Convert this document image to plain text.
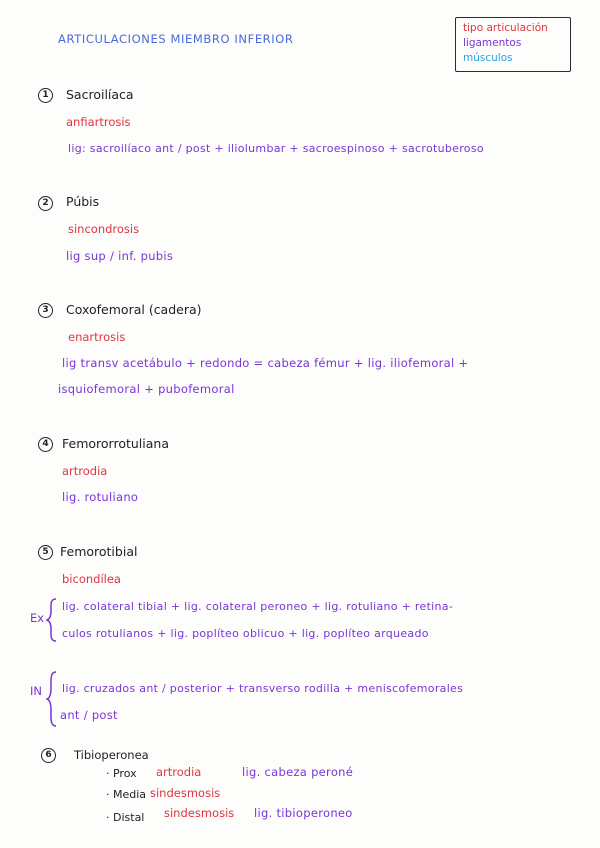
ARTICULACIONES MIEMBRO INFERIOR
tipo articulación
ligamentos
músculos
1	Sacroilíaca
anfiartrosis
lig: sacroilíaco ant / post + iliolumbar + sacroespinoso + sacrotuberoso
2	Púbis
sincondrosis
lig sup / inf. pubis
3	Coxofemoral (cadera)
enartrosis
lig transv acetábulo + redondo = cabeza fémur + lig. iliofemoral +
isquiofemoral + pubofemoral
4	Femororrotuliana
artrodia
lig. rotuliano
5 Femorotibial
bicondílea
Ex
lig. colateral tibial + lig. colateral peroneo + lig. rotuliano + retina-
culos rotulianos + lig. poplíteo oblicuo + lig. poplíteo arqueado
IN lig. cruzados ant / posterior + transverso rodilla + meniscofemorales
ant / post
6	Tibioperonea
· Prox artrodia	lig. cabeza peroné
· Media sindesmosis
· Distal sindesmosis lig. tibioperoneo
